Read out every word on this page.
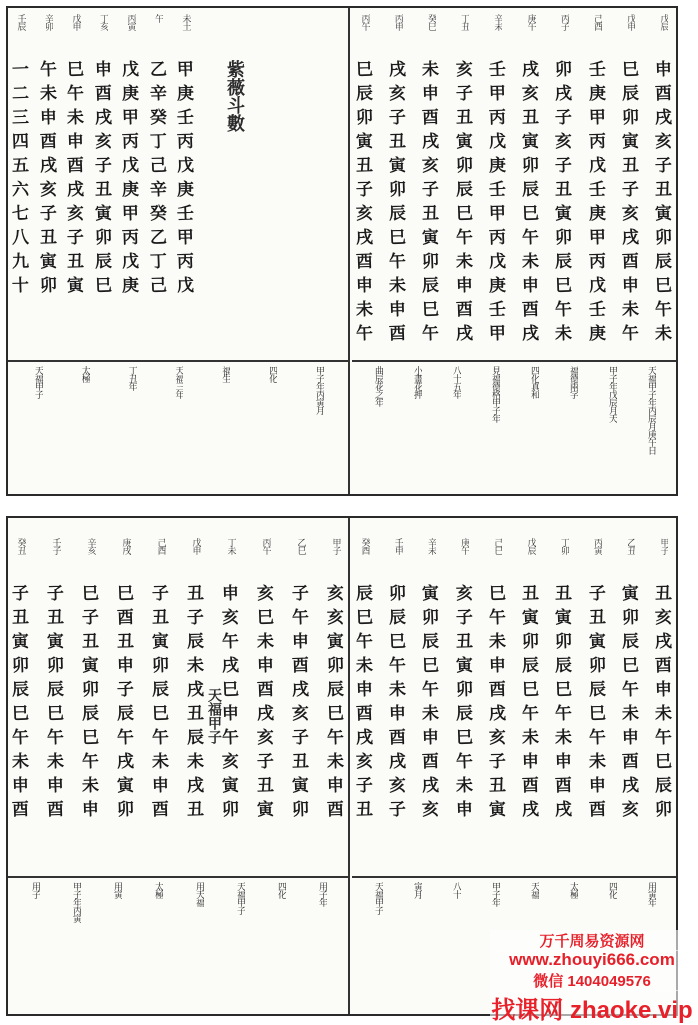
戊辰
申
酉
戌
亥
子
丑
寅
卯
辰
巳
午
未
戊申
巳
辰
卯
寅
丑
子
亥
戌
酉
申
未
午
己酉
壬
庚
甲
丙
戊
壬
庚
甲
丙
戊
壬
庚
丙子
卯
戌
子
亥
子
丑
寅
卯
辰
巳
午
未
庚午
戌
亥
丑
寅
卯
辰
巳
午
未
申
酉
戌
辛未
壬
甲
丙
戊
庚
壬
甲
丙
戊
庚
壬
甲
丁丑
亥
子
丑
寅
卯
辰
巳
午
未
申
酉
戌
癸巳
未
申
酉
戌
亥
子
丑
寅
卯
辰
巳
午
丙申
戌
亥
子
丑
寅
卯
辰
巳
午
未
申
酉
丙午
巳
辰
卯
寅
丑
子
亥
戌
酉
申
未
午
天福甲子年丙辰月庚午日
甲子年戊辰月天
福德兩字
四化真和
見福德格甲子年
八十五年
小畫花押
曲辰花之年
未土
甲
庚
壬
丙
戊
庚
壬
甲
丙
戊
午
乙
辛
癸
丁
己
辛
癸
乙
丁
己
丙寅
戊
庚
甲
丙
戊
庚
甲
丙
戊
庚
丁亥
申
酉
戌
亥
子
丑
寅
卯
辰
巳
戊申
巳
午
未
申
酉
戌
亥
子
丑
寅
辛卯
午
未
申
酉
戌
亥
子
丑
寅
卯
壬辰
一
二
三
四
五
六
七
八
九
十
紫薇斗數
甲子年丙寅月
四化
福生
天福三年
丁丑年
太極
天福甲子
甲子
丑
亥
戌
酉
申
未
午
巳
辰
卯
乙丑
寅
卯
辰
巳
午
未
申
酉
戌
亥
丙寅
子
丑
寅
卯
辰
巳
午
未
申
酉
丁卯
丑
寅
卯
辰
巳
午
未
申
酉
戌
戊辰
丑
寅
卯
辰
巳
午
未
申
酉
戌
己巳
巳
午
未
申
酉
戌
亥
子
丑
寅
庚午
亥
子
丑
寅
卯
辰
巳
午
未
申
辛未
寅
卯
辰
巳
午
未
申
酉
戌
亥
壬申
卯
辰
巳
午
未
申
酉
戌
亥
子
癸酉
辰
巳
午
未
申
酉
戌
亥
子
丑
用寅年
四化
太極
天福
甲子年
八十
寅月
天福甲子
甲子
亥
亥
寅
卯
辰
巳
午
未
申
酉
乙巳
子
午
申
酉
戌
亥
子
丑
寅
卯
丙午
亥
巳
未
申
酉
戌
亥
子
丑
寅
丁未
申
亥
午
戌
巳
申
午
亥
寅
卯
戊申
丑
子
辰
未
戌
丑
辰
未
戌
丑
己酉
子
丑
寅
卯
辰
巳
午
未
申
酉
庚戌
巳
酉
丑
申
子
辰
午
戌
寅
卯
辛亥
巳
子
丑
寅
卯
辰
巳
午
未
申
壬子
子
丑
寅
卯
辰
巳
午
未
申
酉
癸丑
子
丑
寅
卯
辰
巳
午
未
申
酉
天福甲子
用子年
四化
天福甲子
用天福
太極
用寅
甲子年丙寅
用子
万千周易资源网
www.zhouyi666.com
微信 1404049576
找课网 zhaoke.vip
